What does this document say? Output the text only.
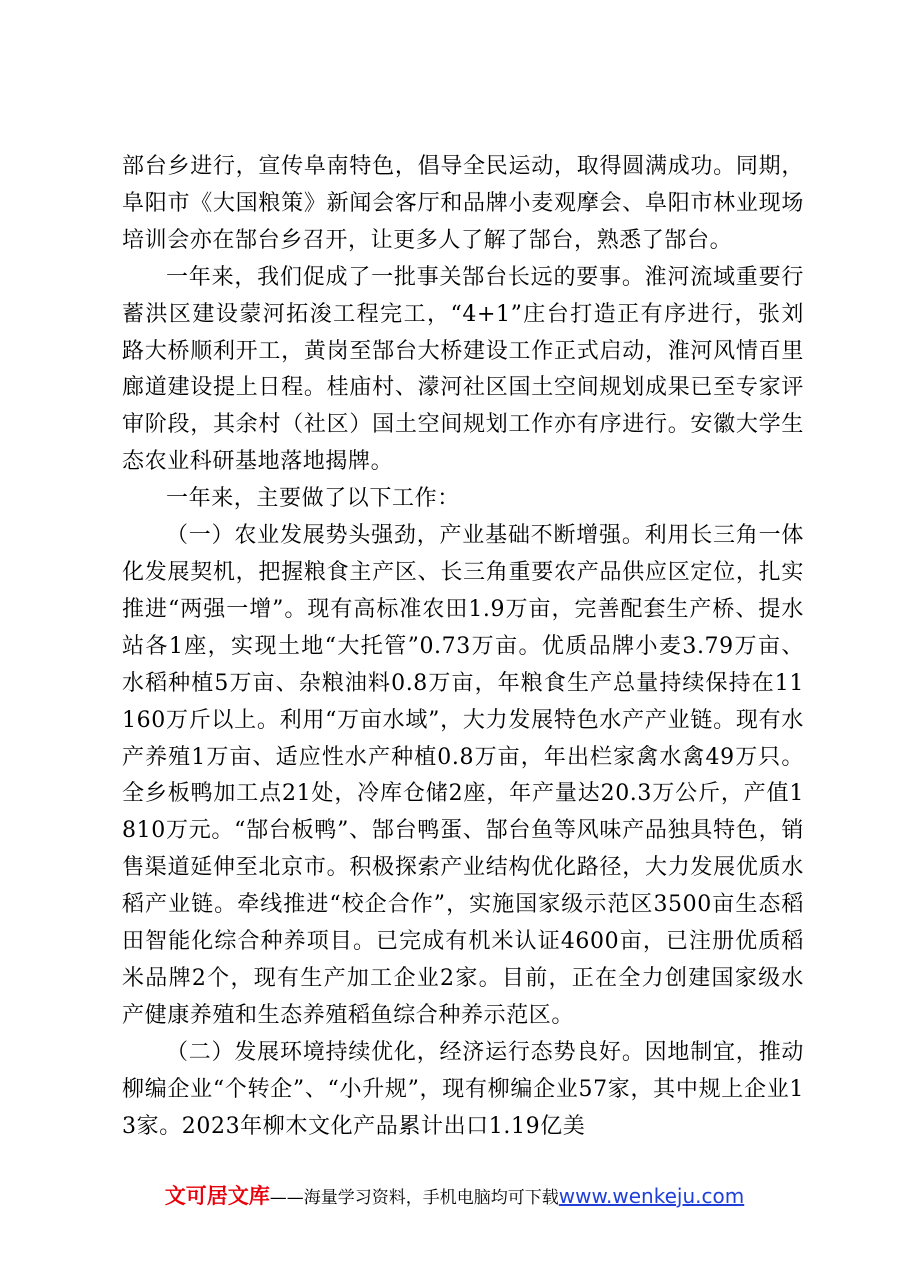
部台乡进行，宣传阜南特色，倡导全民运动，取得圆满成功。同期，阜阳市《大国粮策》新闻会客厅和品牌小麦观摩会、阜阳市林业现场培训会亦在郜台乡召开，让更多人了解了郜台，熟悉了郜台。

一年来，我们促成了一批事关郜台长远的要事。淮河流域重要行蓄洪区建设蒙河拓浚工程完工，“4+1”庄台打造正有序进行，张刘路大桥顺利开工，黄岗至郜台大桥建设工作正式启动，淮河风情百里廊道建设提上日程。桂庙村、濛河社区国土空间规划成果已至专家评审阶段，其余村（社区）国土空间规划工作亦有序进行。安徽大学生态农业科研基地落地揭牌。

一年来，主要做了以下工作：

（一）农业发展势头强劲，产业基础不断增强。利用长三角一体化发展契机，把握粮食主产区、长三角重要农产品供应区定位，扎实推进“两强一增”。现有高标准农田1.9万亩，完善配套生产桥、提水站各1座，实现土地“大托管”0.73万亩。优质品牌小麦3.79万亩、水稻种植5万亩、杂粮油料0.8万亩，年粮食生产总量持续保持在11160万斤以上。利用“万亩水域”，大力发展特色水产产业链。现有水产养殖1万亩、适应性水产种植0.8万亩，年出栏家禽水禽49万只。全乡板鸭加工点21处，冷库仓储2座，年产量达20.3万公斤，产值1810万元。“郜台板鸭”、郜台鸭蛋、郜台鱼等风味产品独具特色，销售渠道延伸至北京市。积极探索产业结构优化路径，大力发展优质水稻产业链。牵线推进“校企合作”，实施国家级示范区3500亩生态稻田智能化综合种养项目。已完成有机米认证4600亩，已注册优质稻米品牌2个，现有生产加工企业2家。目前，正在全力创建国家级水产健康养殖和生态养殖稻鱼综合种养示范区。

（二）发展环境持续优化，经济运行态势良好。因地制宜，推动柳编企业“个转企”、“小升规”，现有柳编企业57家，其中规上企业13家。2023年柳木文化产品累计出口1.19亿美

文可居文库——海量学习资料，手机电脑均可下载www.wenkeju.com
